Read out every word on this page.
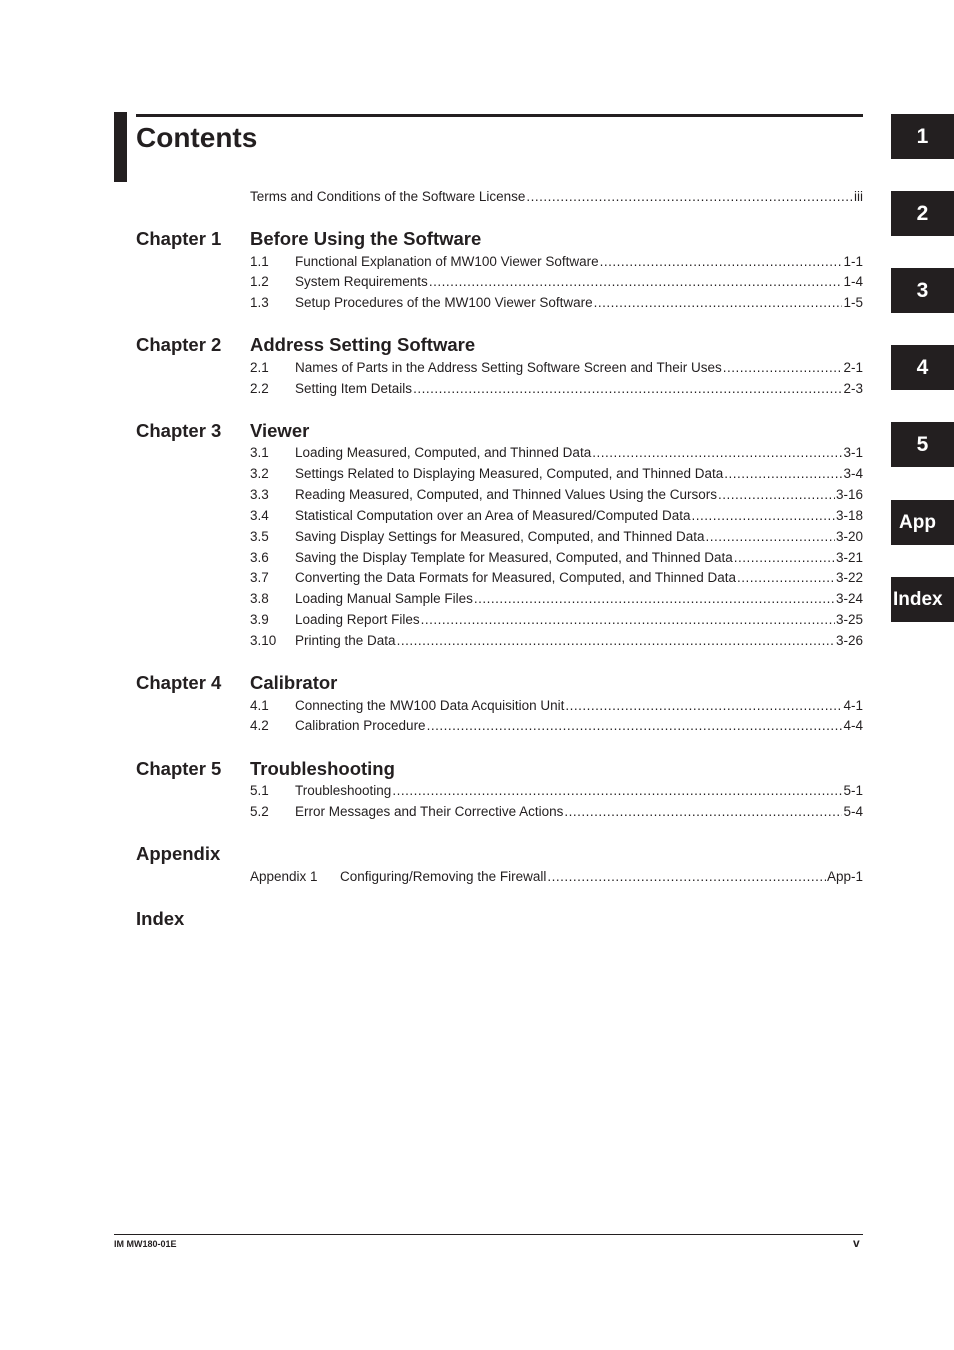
Contents
Terms and Conditions of the Software License .....	iii
Chapter 1 Before Using the Software
1.1	Functional Explanation of MW100 Viewer Software .....	1-1
1.2	System Requirements .....	1-4
1.3	Setup Procedures of the MW100 Viewer Software .....	1-5
Chapter 2 Address Setting Software
2.1	Names of Parts in the Address Setting Software Screen and Their Uses .....	2-1
2.2	Setting Item Details .....	2-3
Chapter 3 Viewer
3.1	Loading Measured, Computed, and Thinned Data .....	3-1
3.2	Settings Related to Displaying Measured, Computed, and Thinned Data .....	3-4
3.3	Reading Measured, Computed, and Thinned Values Using the Cursors .....	3-16
3.4	Statistical Computation over an Area of Measured/Computed Data .....	3-18
3.5	Saving Display Settings for Measured, Computed, and Thinned Data .....	3-20
3.6	Saving the Display Template for Measured, Computed, and Thinned Data .....	3-21
3.7	Converting the Data Formats for Measured, Computed, and Thinned Data .....	3-22
3.8	Loading Manual Sample Files .....	3-24
3.9	Loading Report Files .....	3-25
3.10	Printing the Data .....	3-26
Chapter 4 Calibrator
4.1	Connecting the MW100 Data Acquisition Unit .....	4-1
4.2	Calibration Procedure .....	4-4
Chapter 5 Troubleshooting
5.1	Troubleshooting .....	5-1
5.2	Error Messages and Their Corrective Actions .....	5-4
Appendix
Appendix 1	Configuring/Removing the Firewall .....	App-1
Index
1
2
3
4
5
App
Index
IM MW180-01E	v
